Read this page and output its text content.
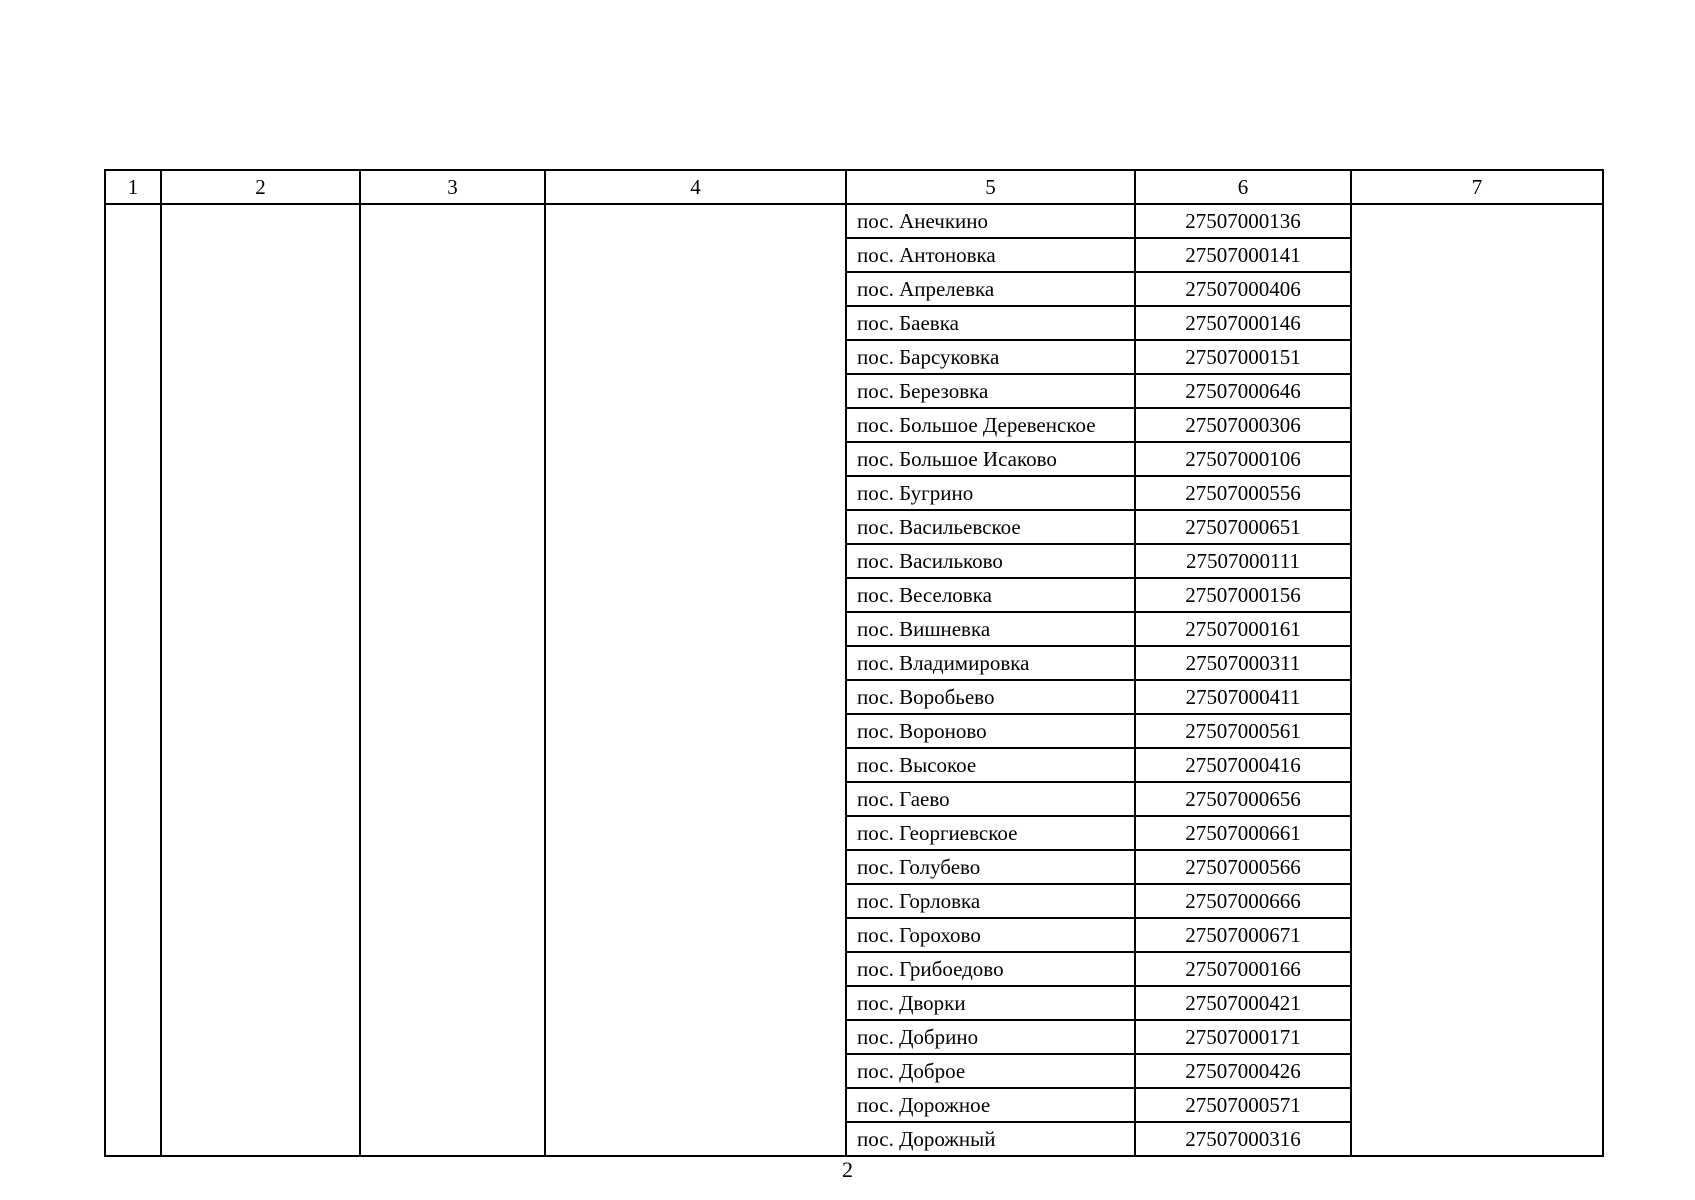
1	2	3	4	5	6	7
				пос. Анечкино	27507000136	
				пос. Антоновка	27507000141	
				пос. Апрелевка	27507000406	
				пос. Баевка	27507000146	
				пос. Барсуковка	27507000151	
				пос. Березовка	27507000646	
				пос. Большое Деревенское	27507000306	
				пос. Большое Исаково	27507000106	
				пос. Бугрино	27507000556	
				пос. Васильевское	27507000651	
				пос. Васильково	27507000111	
				пос. Веселовка	27507000156	
				пос. Вишневка	27507000161	
				пос. Владимировка	27507000311	
				пос. Воробьево	27507000411	
				пос. Вороново	27507000561	
				пос. Высокое	27507000416	
				пос. Гаево	27507000656	
				пос. Георгиевское	27507000661	
				пос. Голубево	27507000566	
				пос. Горловка	27507000666	
				пос. Горохово	27507000671	
				пос. Грибоедово	27507000166	
				пос. Дворки	27507000421	
				пос. Добрино	27507000171	
				пос. Доброе	27507000426	
				пос. Дорожное	27507000571	
				пос. Дорожный	27507000316	
2
